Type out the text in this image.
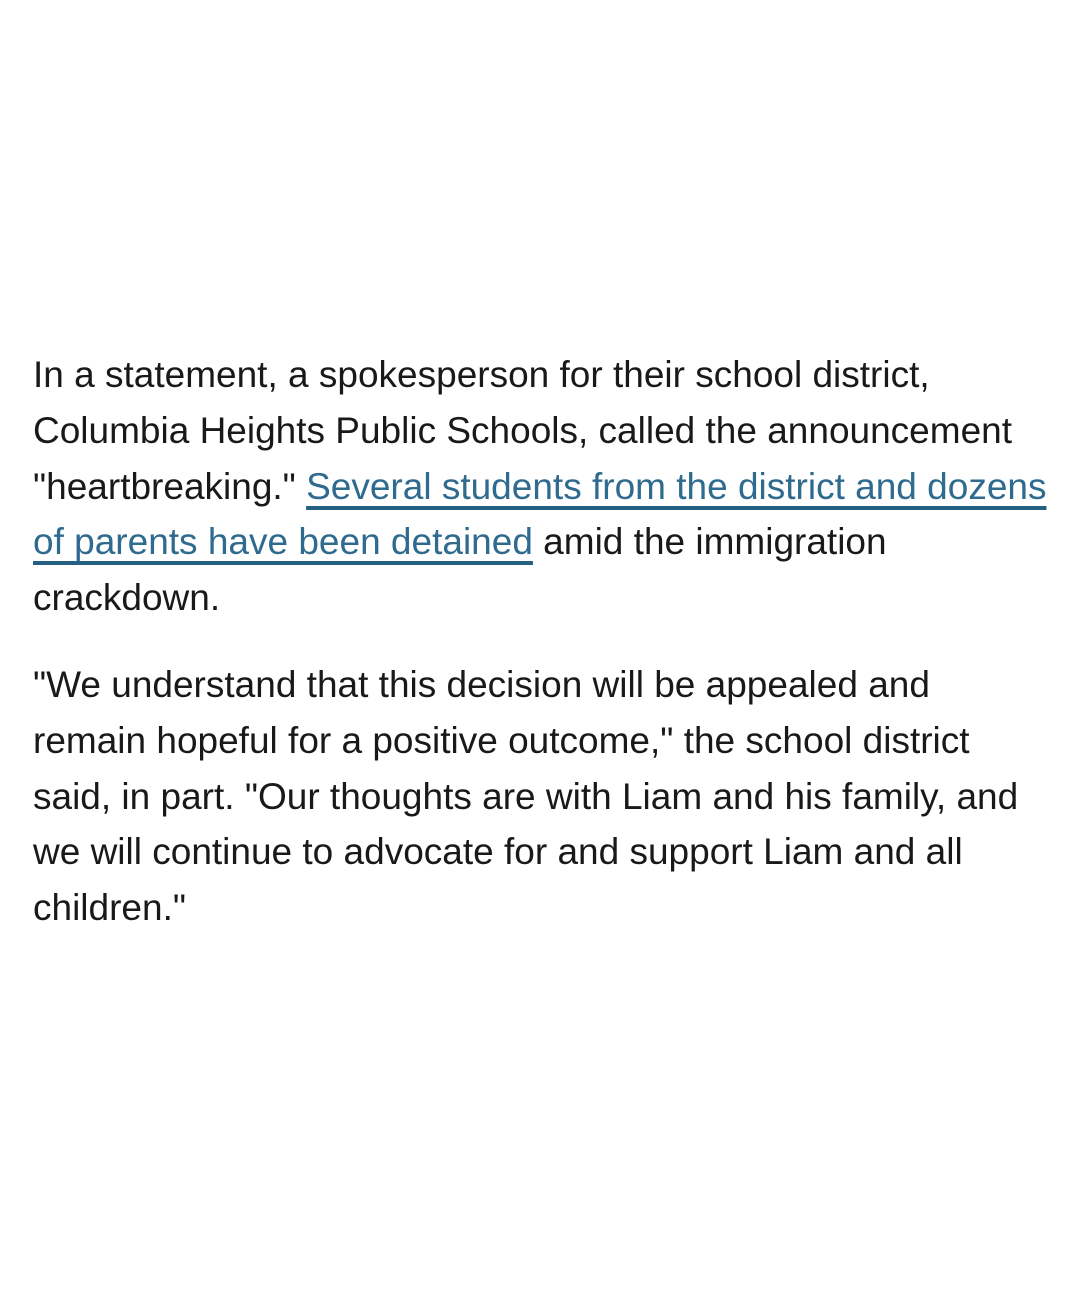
In a statement, a spokesperson for their school district, Columbia Heights Public Schools, called the announcement "heartbreaking." Several students from the district and dozens of parents have been detained amid the immigration crackdown.

"We understand that this decision will be appealed and remain hopeful for a positive outcome," the school district said, in part. "Our thoughts are with Liam and his family, and we will continue to advocate for and support Liam and all children."
